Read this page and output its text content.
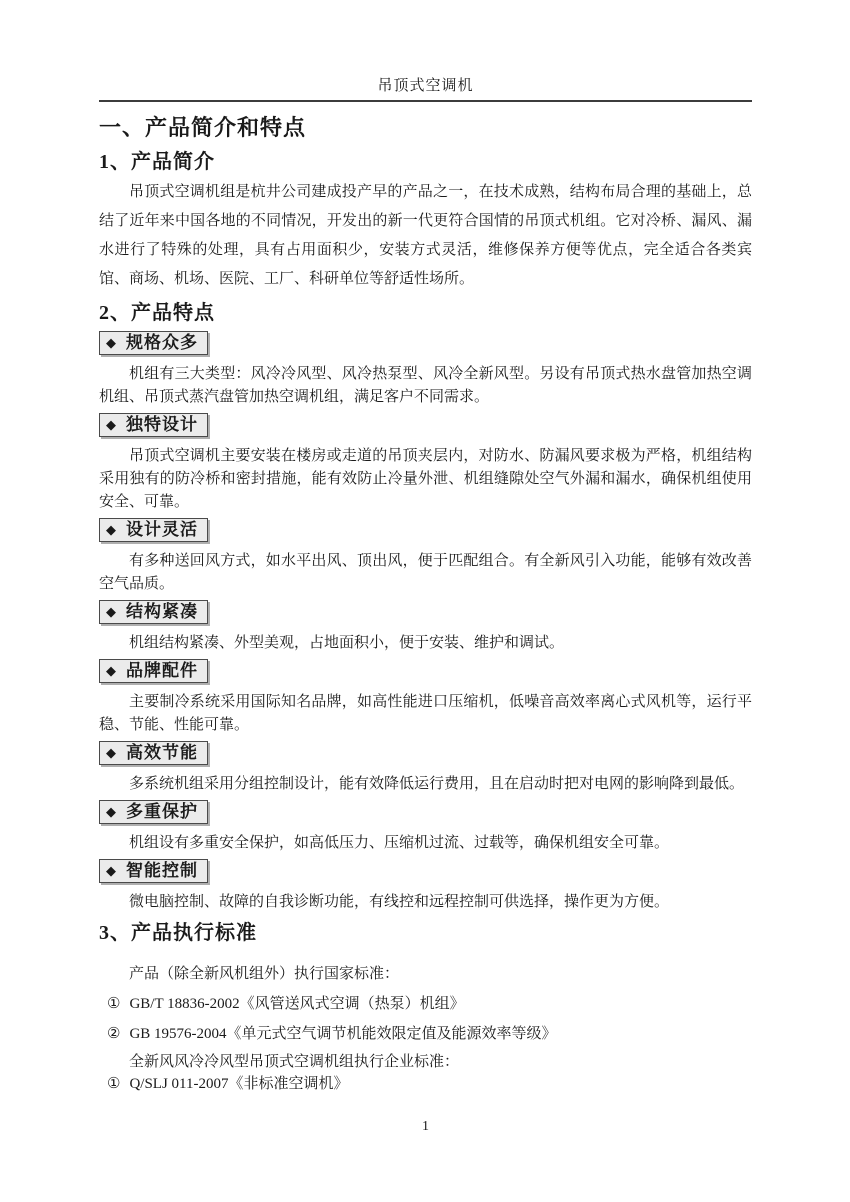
吊顶式空调机
一、产品简介和特点
1、产品简介

吊顶式空调机组是杭井公司建成投产早的产品之一，在技术成熟，结构布局合理的基础上，总结了近年来中国各地的不同情况，开发出的新一代更符合国情的吊顶式机组。它对冷桥、漏风、漏水进行了特殊的处理，具有占用面积少，安装方式灵活，维修保养方便等优点，完全适合各类宾馆、商场、机场、医院、工厂、科研单位等舒适性场所。

2、产品特点
◆ 规格众多

机组有三大类型：风冷冷风型、风冷热泵型、风冷全新风型。另设有吊顶式热水盘管加热空调机组、吊顶式蒸汽盘管加热空调机组，满足客户不同需求。

◆ 独特设计

吊顶式空调机主要安装在楼房或走道的吊顶夹层内，对防水、防漏风要求极为严格，机组结构采用独有的防冷桥和密封措施，能有效防止冷量外泄、机组缝隙处空气外漏和漏水，确保机组使用安全、可靠。

◆ 设计灵活

有多种送回风方式，如水平出风、顶出风，便于匹配组合。有全新风引入功能，能够有效改善空气品质。

◆ 结构紧凑

机组结构紧凑、外型美观，占地面积小，便于安装、维护和调试。

◆ 品牌配件

主要制冷系统采用国际知名品牌，如高性能进口压缩机，低噪音高效率离心式风机等，运行平稳、节能、性能可靠。

◆ 高效节能

多系统机组采用分组控制设计，能有效降低运行费用，且在启动时把对电网的影响降到最低。

◆ 多重保护

机组设有多重安全保护，如高低压力、压缩机过流、过载等，确保机组安全可靠。

◆ 智能控制

微电脑控制、故障的自我诊断功能，有线控和远程控制可供选择，操作更为方便。

3、产品执行标准

产品（除全新风机组外）执行国家标准：

① GB/T 18836-2002《风管送风式空调（热泵）机组》
② GB 19576-2004《单元式空气调节机能效限定值及能源效率等级》

全新风风冷冷风型吊顶式空调机组执行企业标准：

① Q/SLJ 011-2007《非标准空调机》
1
